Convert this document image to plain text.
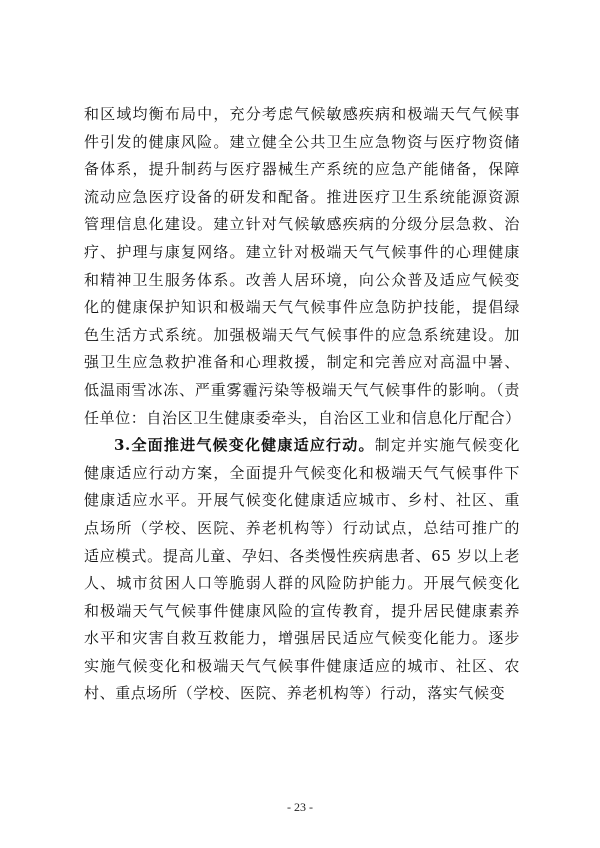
和区域均衡布局中，充分考虑气候敏感疾病和极端天气气候事件引发的健康风险。建立健全公共卫生应急物资与医疗物资储备体系，提升制药与医疗器械生产系统的应急产能储备，保障流动应急医疗设备的研发和配备。推进医疗卫生系统能源资源管理信息化建设。建立针对气候敏感疾病的分级分层急救、治疗、护理与康复网络。建立针对极端天气气候事件的心理健康和精神卫生服务体系。改善人居环境，向公众普及适应气候变化的健康保护知识和极端天气气候事件应急防护技能，提倡绿色生活方式系统。加强极端天气气候事件的应急系统建设。加强卫生应急救护准备和心理救援，制定和完善应对高温中暑、低温雨雪冰冻、严重雾霾污染等极端天气气候事件的影响。（责任单位：自治区卫生健康委牵头，自治区工业和信息化厅配合）

3.全面推进气候变化健康适应行动。制定并实施气候变化健康适应行动方案，全面提升气候变化和极端天气气候事件下健康适应水平。开展气候变化健康适应城市、乡村、社区、重点场所（学校、医院、养老机构等）行动试点，总结可推广的适应模式。提高儿童、孕妇、各类慢性疾病患者、65 岁以上老人、城市贫困人口等脆弱人群的风险防护能力。开展气候变化和极端天气气候事件健康风险的宣传教育，提升居民健康素养水平和灾害自救互救能力，增强居民适应气候变化能力。逐步实施气候变化和极端天气气候事件健康适应的城市、社区、农村、重点场所（学校、医院、养老机构等）行动，落实气候变

- 23 -
